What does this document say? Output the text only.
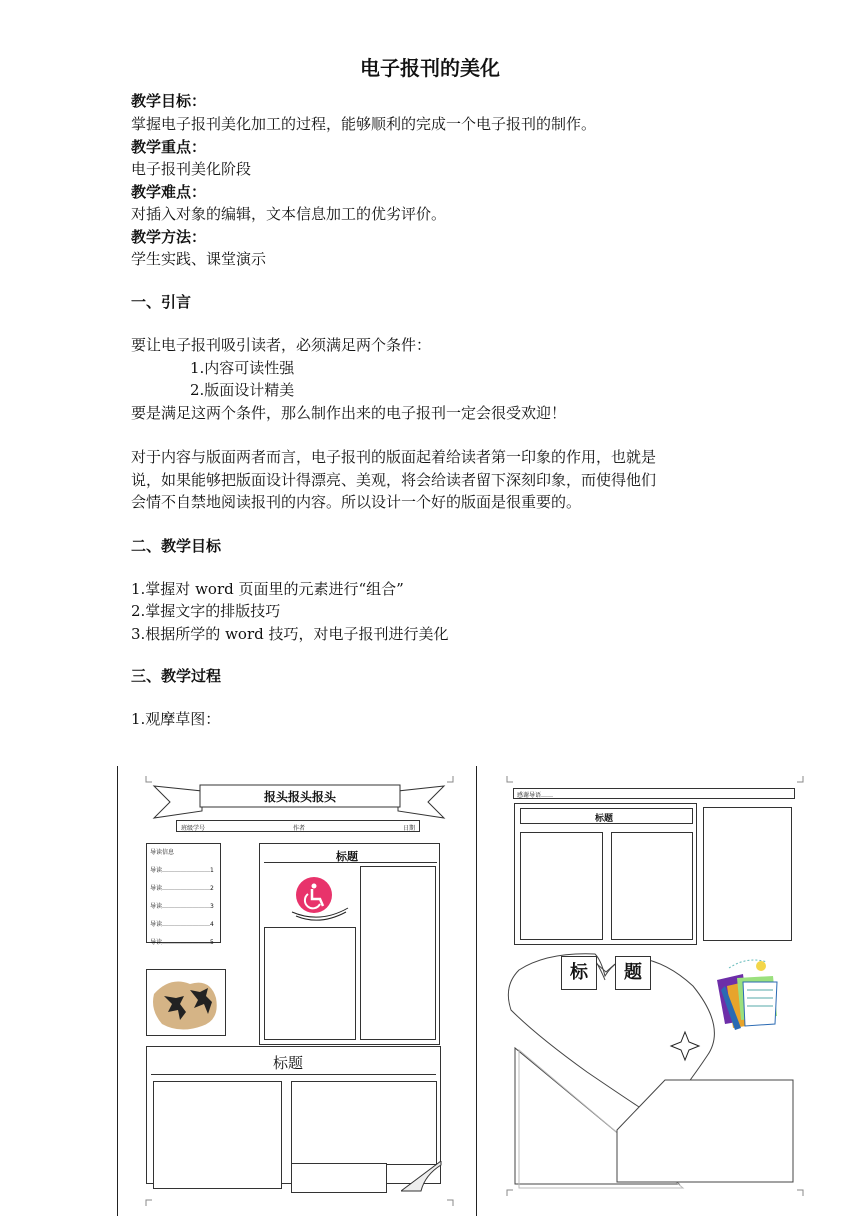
电子报刊的美化
教学目标：
掌握电子报刊美化加工的过程，能够顺利的完成一个电子报刊的制作。
教学重点：
电子报刊美化阶段
教学难点：
对插入对象的编辑，文本信息加工的优劣评价。
教学方法：
学生实践、课堂演示
一、引言
要让电子报刊吸引读者，必须满足两个条件：
1.内容可读性强
2.版面设计精美
要是满足这两个条件，那么制作出来的电子报刊一定会很受欢迎！
对于内容与版面两者而言，电子报刊的版面起着给读者第一印象的作用，也就是
说，如果能够把版面设计得漂亮、美观，将会给读者留下深刻印象，而使得他们
会情不自禁地阅读报刊的内容。所以设计一个好的版面是很重要的。
二、教学目标
1.掌握对 word 页面里的元素进行“组合”
2.掌握文字的排版技巧
3.根据所学的 word 技巧，对电子报刊进行美化
三、教学过程
1.观摩草图：
报头报头报头
班级学号	作者	日期
导读信息
导读……………………1
导读……………………2
导读……………………3
导读……………………4
导读……………………5
标题
标题
感谢导语……
标题
标	题
